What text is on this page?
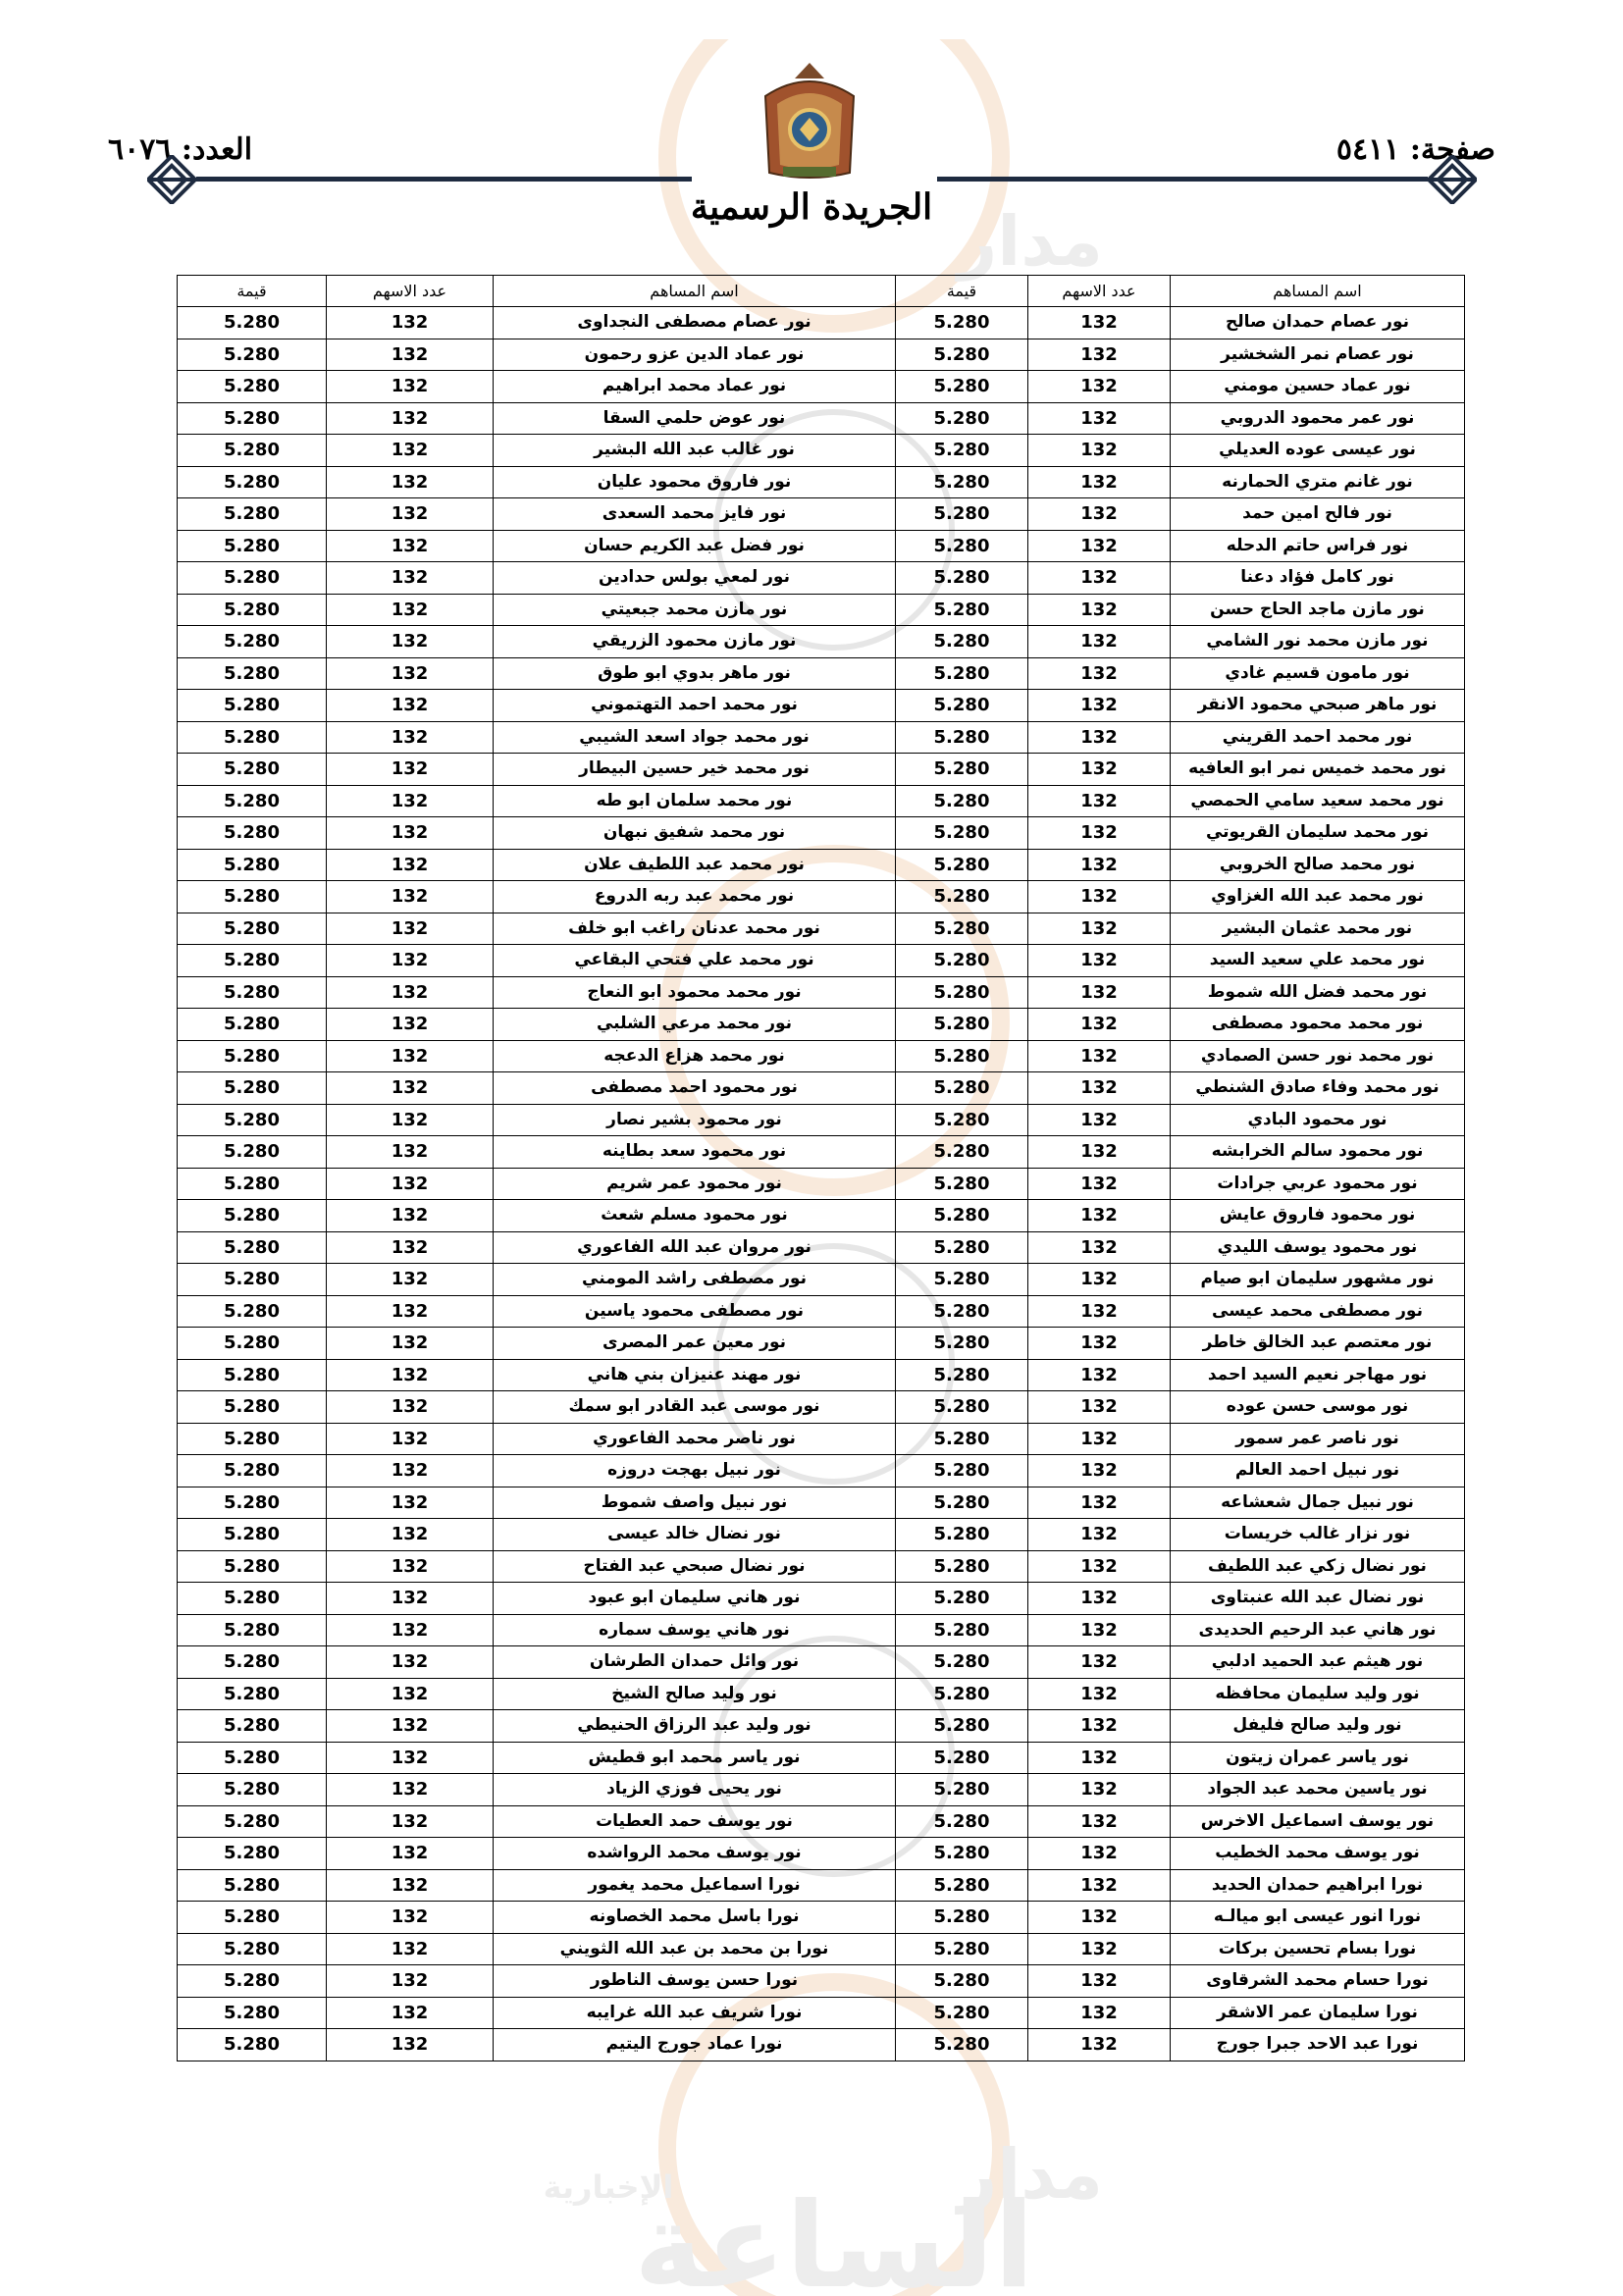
مدار
مدار
الإخبارية
الساعة
صفحة: ٥٤١١
العدد: ٦٠٧٦
الجريدة الرسمية
اسم المساهم	عدد الاسهم	قيمة	اسم المساهم	عدد الاسهم	قيمة
نور عصام حمدان صالح	132	5.280	نور عصام مصطفى النجداوى	132	5.280
نور عصام نمر الشخشير	132	5.280	نور عماد الدين عزو رحمون	132	5.280
نور عماد حسين مومني	132	5.280	نور عماد محمد ابراهيم	132	5.280
نور عمر محمود الدروبي	132	5.280	نور عوض حلمي السقا	132	5.280
نور عيسى عوده العديلي	132	5.280	نور غالب عبد الله البشير	132	5.280
نور غانم متري الحمارنه	132	5.280	نور فاروق محمود عليان	132	5.280
نور فالح امين حمد	132	5.280	نور فايز محمد السعدى	132	5.280
نور فراس حاتم الدحله	132	5.280	نور فضل عبد الكريم حسان	132	5.280
نور كامل فؤاد دعنا	132	5.280	نور لمعي بولس حدادين	132	5.280
نور مازن ماجد الحاج حسن	132	5.280	نور مازن محمد جبعيتي	132	5.280
نور مازن محمد نور الشامي	132	5.280	نور مازن محمود الزريقي	132	5.280
نور مامون قسيم غادي	132	5.280	نور ماهر بدوي ابو طوق	132	5.280
نور ماهر صبحي محمود الانقر	132	5.280	نور محمد احمد التهتموني	132	5.280
نور محمد احمد القريني	132	5.280	نور محمد جواد اسعد الشيبي	132	5.280
نور محمد خميس نمر ابو العافيه	132	5.280	نور محمد خير حسين البيطار	132	5.280
نور محمد سعيد سامي الحمصي	132	5.280	نور محمد سلمان ابو طه	132	5.280
نور محمد سليمان القريوتي	132	5.280	نور محمد شفيق نبهان	132	5.280
نور محمد صالح الخروبي	132	5.280	نور محمد عبد اللطيف علان	132	5.280
نور محمد عبد الله الغزاوي	132	5.280	نور محمد عبد ربه الدروع	132	5.280
نور محمد عثمان البشير	132	5.280	نور محمد عدنان راغب ابو خلف	132	5.280
نور محمد علي سعيد السيد	132	5.280	نور محمد علي فتحي البقاعي	132	5.280
نور محمد فضل الله شموط	132	5.280	نور محمد محمود ابو النعاج	132	5.280
نور محمد محمود مصطفى	132	5.280	نور محمد مرعي الشلبي	132	5.280
نور محمد نور حسن الصمادي	132	5.280	نور محمد هزاع الدعجه	132	5.280
نور محمد وفاء صادق الشنطي	132	5.280	نور محمود احمد مصطفى	132	5.280
نور محمود البادي	132	5.280	نور محمود بشير نصار	132	5.280
نور محمود سالم الخرابشه	132	5.280	نور محمود سعد بطاينه	132	5.280
نور محمود عربي جرادات	132	5.280	نور محمود عمر شريم	132	5.280
نور محمود فاروق عايش	132	5.280	نور محمود مسلم شعث	132	5.280
نور محمود يوسف الليدي	132	5.280	نور مروان عبد الله الفاعوري	132	5.280
نور مشهور سليمان ابو صيام	132	5.280	نور مصطفى راشد المومني	132	5.280
نور مصطفى محمد عيسى	132	5.280	نور مصطفى محمود ياسين	132	5.280
نور معتصم عبد الخالق خاطر	132	5.280	نور معين عمر المصرى	132	5.280
نور مهاجر نعيم السيد احمد	132	5.280	نور مهند عنيزان بني هاني	132	5.280
نور موسى حسن عوده	132	5.280	نور موسى عبد القادر ابو سمك	132	5.280
نور ناصر عمر سمور	132	5.280	نور ناصر محمد الفاعوري	132	5.280
نور نبيل احمد العالم	132	5.280	نور نبيل بهجت دروزه	132	5.280
نور نبيل جمال شعشاعه	132	5.280	نور نبيل واصف شموط	132	5.280
نور نزار غالب خريسات	132	5.280	نور نضال خالد عيسى	132	5.280
نور نضال زكي عبد اللطيف	132	5.280	نور نضال صبحي عبد الفتاح	132	5.280
نور نضال عبد الله عنبتاوى	132	5.280	نور هاني سليمان ابو عبود	132	5.280
نور هاني عبد الرحيم الحديدى	132	5.280	نور هاني يوسف سماره	132	5.280
نور هيثم عبد الحميد ادلبي	132	5.280	نور وائل حمدان الطرشان	132	5.280
نور وليد سليمان محافظه	132	5.280	نور وليد صالح الشيخ	132	5.280
نور وليد صالح فليفل	132	5.280	نور وليد عبد الرزاق الحنيطي	132	5.280
نور ياسر عمران زيتون	132	5.280	نور ياسر محمد ابو قطيش	132	5.280
نور ياسين محمد عبد الجواد	132	5.280	نور يحيى فوزي الزياد	132	5.280
نور يوسف اسماعيل الاخرس	132	5.280	نور يوسف حمد العطيات	132	5.280
نور يوسف محمد الخطيب	132	5.280	نور يوسف محمد الرواشده	132	5.280
نورا ابراهيم حمدان الحديد	132	5.280	نورا اسماعيل محمد يغمور	132	5.280
نورا انور عيسى ابو ميالـه	132	5.280	نورا باسل محمد الخصاونه	132	5.280
نورا بسام تحسين بركات	132	5.280	نورا بن محمد بن عبد الله الثويني	132	5.280
نورا حسام محمد الشرقاوى	132	5.280	نورا حسن يوسف الناطور	132	5.280
نورا سليمان عمر الاشقر	132	5.280	نورا شريف عبد الله غرايبه	132	5.280
نورا عبد الاحد جبرا جورج	132	5.280	نورا عماد جورج اليتيم	132	5.280
